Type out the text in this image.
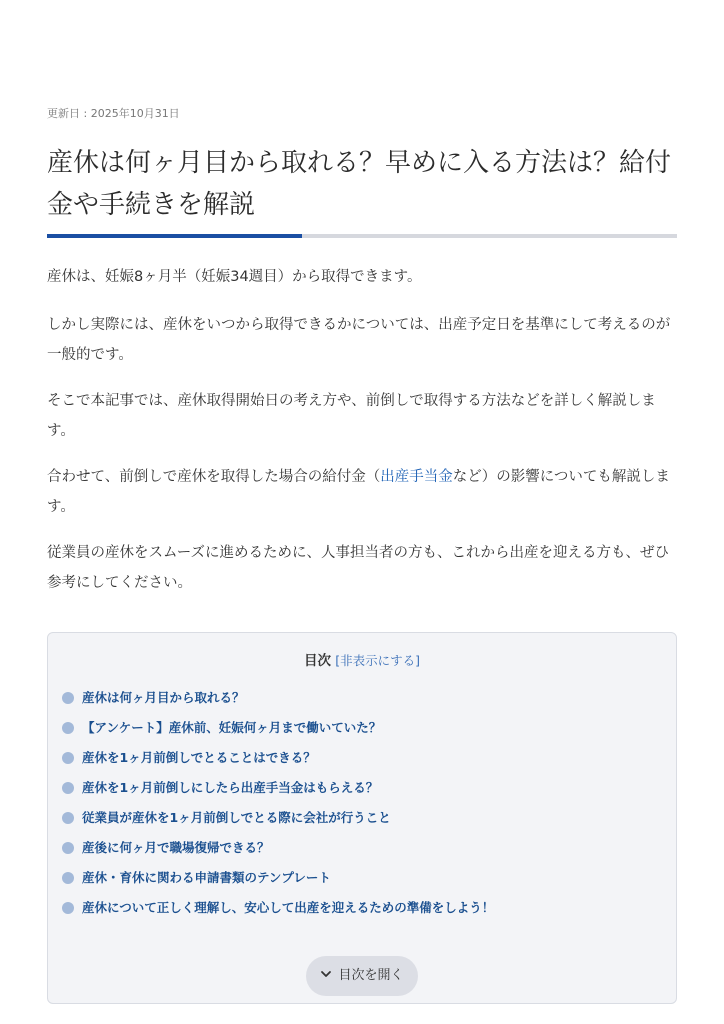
更新日 : 2025年10月31日
産休は何ヶ月目から取れる？早めに入る方法は？給付金や手続きを解説

産休は、妊娠8ヶ月半（妊娠34週目）から取得できます。

しかし実際には、産休をいつから取得できるかについては、出産予定日を基準にして考えるのが一般的です。

そこで本記事では、産休取得開始日の考え方や、前倒しで取得する方法などを詳しく解説します。

合わせて、前倒しで産休を取得した場合の給付金（出産手当金など）の影響についても解説します。

従業員の産休をスムーズに進めるために、人事担当者の方も、これから出産を迎える方も、ぜひ参考にしてください。

目次 [非表示にする]
産休は何ヶ月目から取れる？
【アンケート】産休前、妊娠何ヶ月まで働いていた？
産休を1ヶ月前倒しでとることはできる？
産休を1ヶ月前倒しにしたら出産手当金はもらえる？
従業員が産休を1ヶ月前倒しでとる際に会社が行うこと
産後に何ヶ月で職場復帰できる？
産休・育休に関わる申請書類のテンプレート
産休について正しく理解し、安心して出産を迎えるための準備をしよう！
目次を開く
